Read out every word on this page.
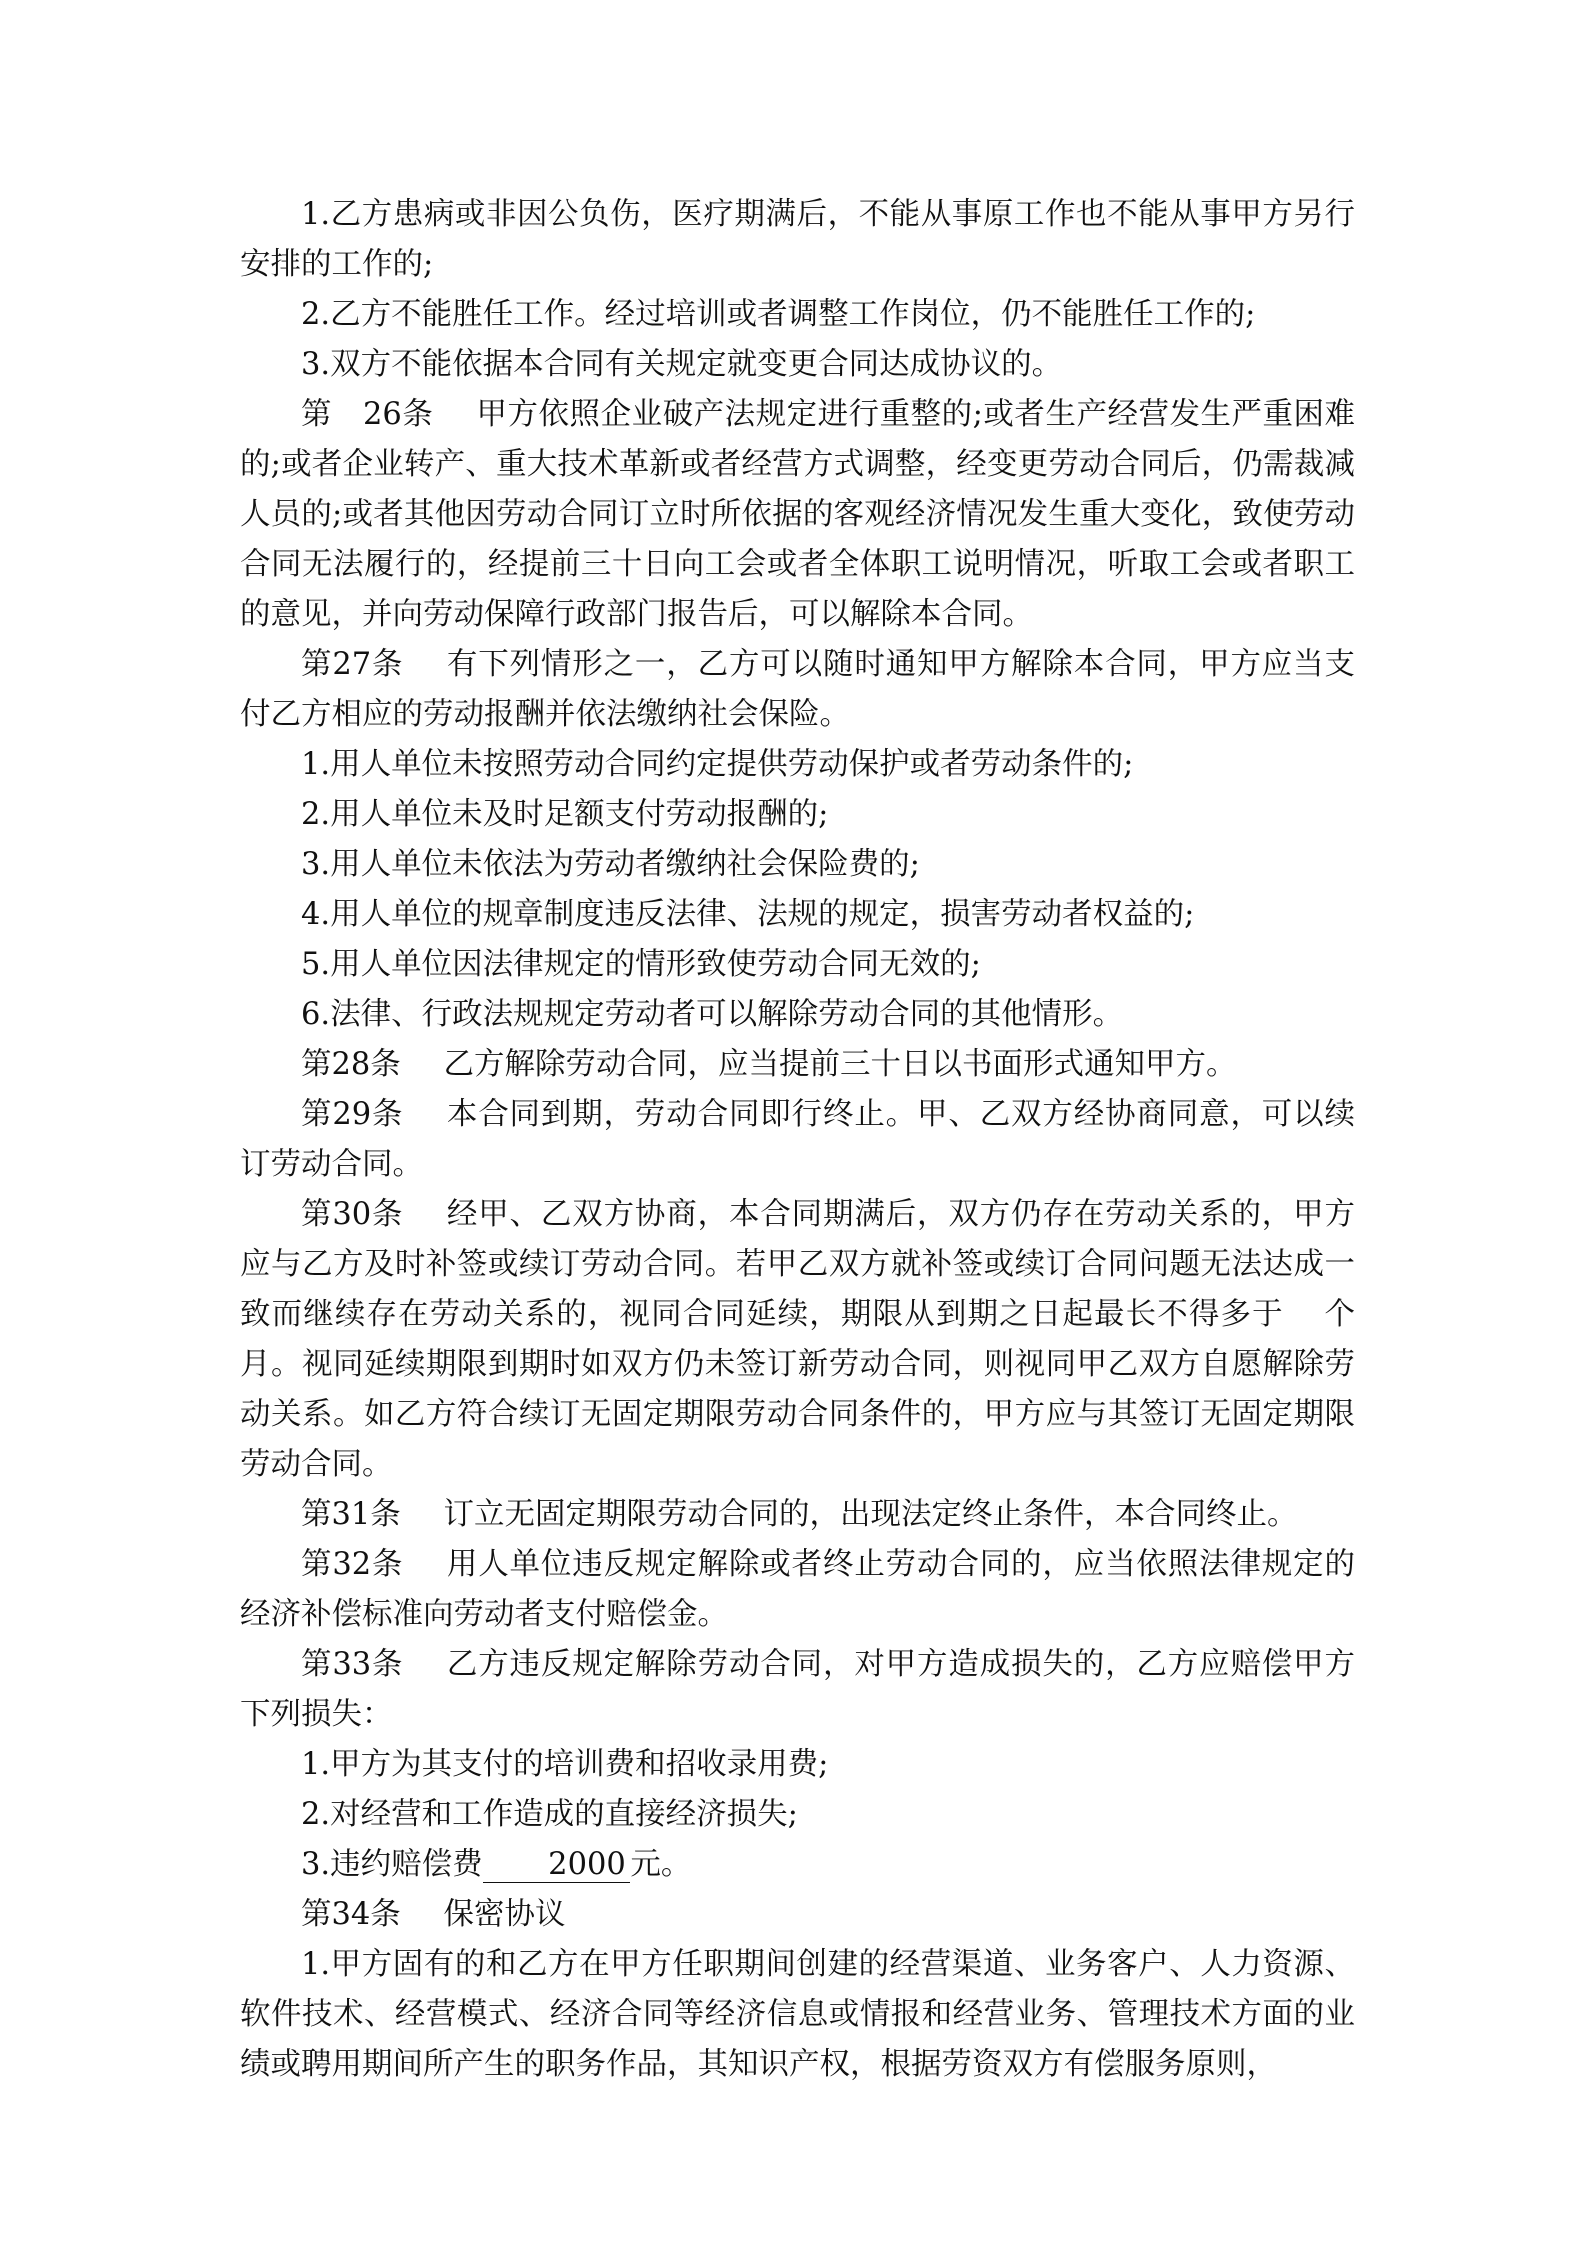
1.乙方患病或非因公负伤，医疗期满后，不能从事原工作也不能从事甲方另行安排的工作的;

2.乙方不能胜任工作。经过培训或者调整工作岗位，仍不能胜任工作的;

3.双方不能依据本合同有关规定就变更合同达成协议的。

第　26条 甲方依照企业破产法规定进行重整的;或者生产经营发生严重困难的;或者企业转产、重大技术革新或者经营方式调整，经变更劳动合同后，仍需裁减人员的;或者其他因劳动合同订立时所依据的客观经济情况发生重大变化，致使劳动合同无法履行的，经提前三十日向工会或者全体职工说明情况，听取工会或者职工的意见，并向劳动保障行政部门报告后，可以解除本合同。

第27条 有下列情形之一，乙方可以随时通知甲方解除本合同，甲方应当支付乙方相应的劳动报酬并依法缴纳社会保险。

1.用人单位未按照劳动合同约定提供劳动保护或者劳动条件的;

2.用人单位未及时足额支付劳动报酬的;

3.用人单位未依法为劳动者缴纳社会保险费的;

4.用人单位的规章制度违反法律、法规的规定，损害劳动者权益的;

5.用人单位因法律规定的情形致使劳动合同无效的;

6.法律、行政法规规定劳动者可以解除劳动合同的其他情形。

第28条 乙方解除劳动合同，应当提前三十日以书面形式通知甲方。

第29条 本合同到期，劳动合同即行终止。甲、乙双方经协商同意，可以续订劳动合同。

第30条 经甲、乙双方协商，本合同期满后，双方仍存在劳动关系的，甲方应与乙方及时补签或续订劳动合同。若甲乙双方就补签或续订合同问题无法达成一致而继续存在劳动关系的，视同合同延续，期限从到期之日起最长不得多于 个月。视同延续期限到期时如双方仍未签订新劳动合同，则视同甲乙双方自愿解除劳动关系。如乙方符合续订无固定期限劳动合同条件的，甲方应与其签订无固定期限劳动合同。

第31条 订立无固定期限劳动合同的，出现法定终止条件，本合同终止。

第32条 用人单位违反规定解除或者终止劳动合同的，应当依照法律规定的经济补偿标准向劳动者支付赔偿金。

第33条 乙方违反规定解除劳动合同，对甲方造成损失的，乙方应赔偿甲方下列损失：

1.甲方为其支付的培训费和招收录用费;

2.对经营和工作造成的直接经济损失;

3.违约赔偿费 2000 元。

第34条 保密协议

1.甲方固有的和乙方在甲方任职期间创建的经营渠道、业务客户、人力资源、软件技术、经营模式、经济合同等经济信息或情报和经营业务、管理技术方面的业绩或聘用期间所产生的职务作品，其知识产权，根据劳资双方有偿服务原则，
